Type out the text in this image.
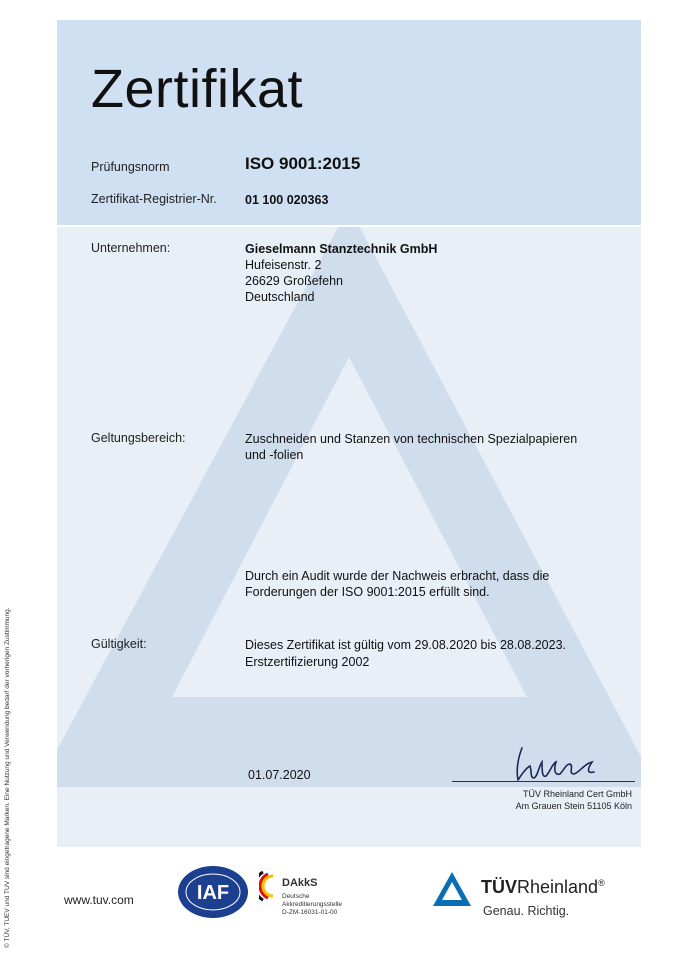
© TÜV, TUEV und TUV sind eingetragene Marken. Eine Nutzung und Verwendung bedarf der vorherigen Zustimmung.
Zertifikat
Prüfungsnorm	ISO 9001:2015
Zertifikat-Registrier-Nr. 01 100 020363
Unternehmen:	Gieselmann Stanztechnik GmbH
Hufeisenstr. 2
26629 Großefehn
Deutschland
Geltungsbereich:	Zuschneiden und Stanzen von technischen Spezialpapieren
und -folien
Durch ein Audit wurde der Nachweis erbracht, dass die
Forderungen der ISO 9001:2015 erfüllt sind.
Gültigkeit:	Dieses Zertifikat ist gültig vom 29.08.2020 bis 28.08.2023.
Erstzertifizierung 2002
01.07.2020
TÜV Rheinland Cert GmbH
Am Grauen Stein 51105 Köln
www.tuv.com	IAF	DAkkS
Deutsche
Akkreditierungsstelle
D-ZM-16031-01-00
TÜVRheinland®
Genau. Richtig.
